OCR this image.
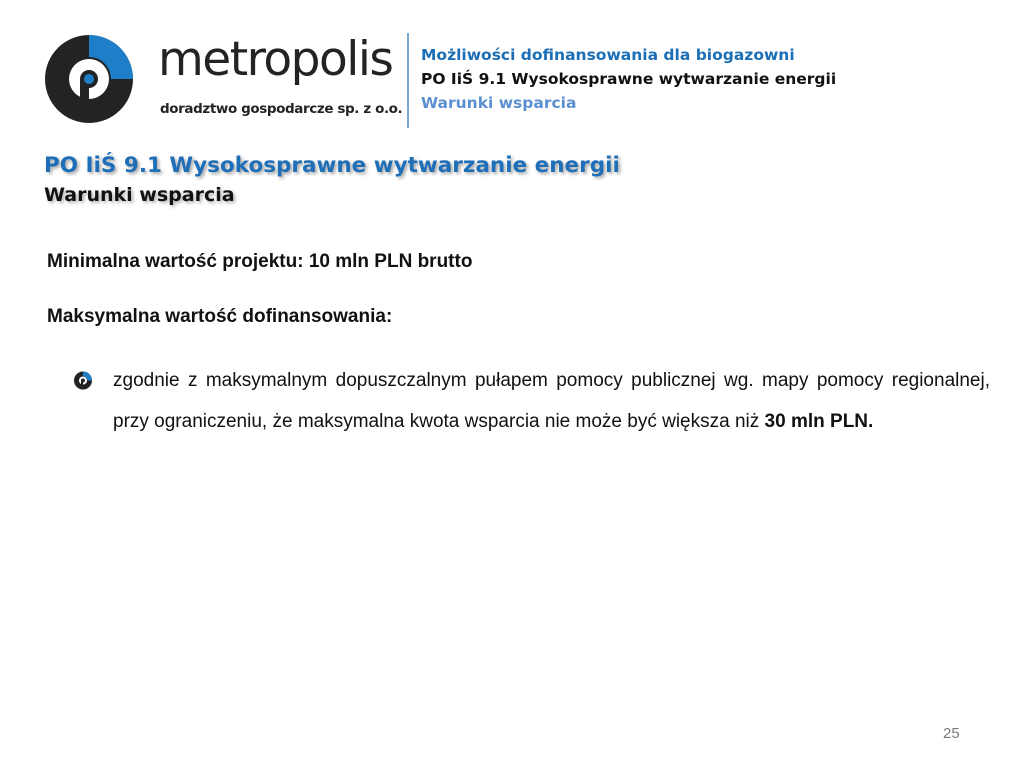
metropolis
doradztwo gospodarcze sp. z o.o.
Możliwości dofinansowania dla biogazowni
PO IiŚ 9.1 Wysokosprawne wytwarzanie energii
Warunki wsparcia
PO IiŚ 9.1 Wysokosprawne wytwarzanie energii
Warunki wsparcia
Minimalna wartość projektu: 10 mln PLN brutto
Maksymalna wartość dofinansowania:
zgodnie z maksymalnym dopuszczalnym pułapem pomocy publicznej wg. mapy pomocy regionalnej, przy ograniczeniu, że maksymalna kwota wsparcia nie może być większa niż 30 mln PLN.
25
